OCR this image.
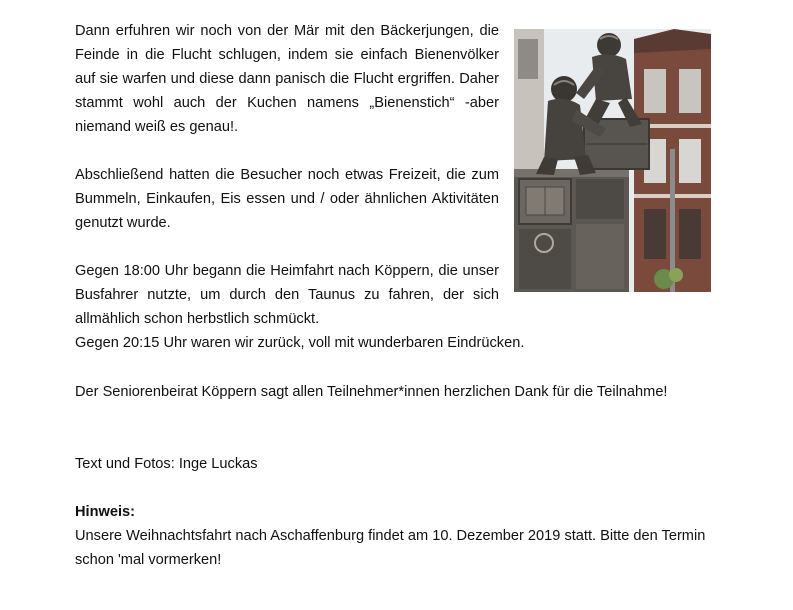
Dann erfuhren wir noch von der Mär mit den Bäckerjungen, die Feinde in die Flucht schlugen, indem sie einfach Bienenvölker auf sie warfen und diese dann panisch die Flucht ergriffen. Daher stammt wohl auch der Kuchen namens „Bienenstich“ -aber niemand weiß es genau!.

Abschließend hatten die Besucher noch etwas Freizeit, die zum Bummeln, Einkaufen, Eis essen und / oder ähnlichen Aktivitäten genutzt wurde.

Gegen 18:00 Uhr begann die Heimfahrt nach Köppern, die unser Busfahrer nutzte, um durch den Taunus zu fahren, der sich allmählich schon herbstlich schmückt.

Gegen 20:15 Uhr waren wir zurück, voll mit wunderbaren Eindrücken.

Der Seniorenbeirat Köppern sagt allen Teilnehmer*innen herzlichen Dank für die Teilnahme!

Text und Fotos: Inge Luckas

Hinweis:

Unsere Weihnachtsfahrt nach Aschaffenburg findet am 10. Dezember 2019 statt. Bitte den Termin schon 'mal vormerken!
